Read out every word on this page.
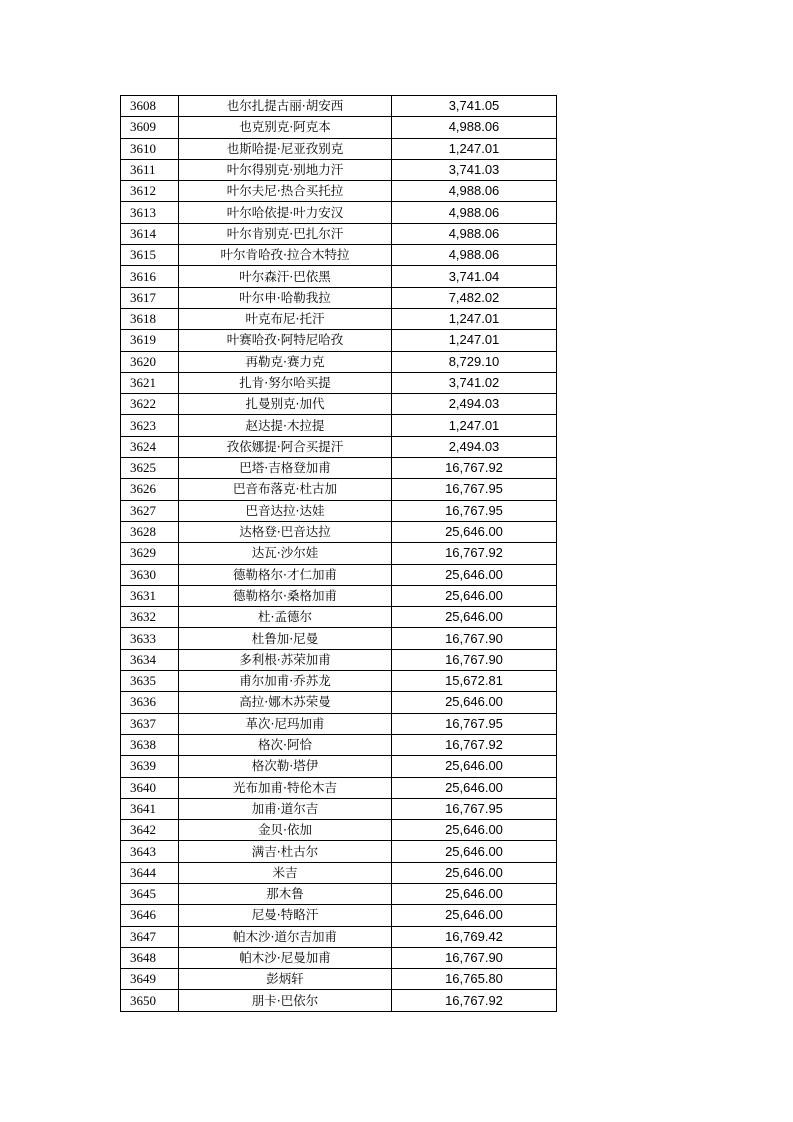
3608	也尔扎提古丽·胡安西	3,741.05
3609	也克别克·阿克本	4,988.06
3610	也斯哈提·尼亚孜别克	1,247.01
3611	叶尔得别克·别地力汗	3,741.03
3612	叶尔夫尼·热合买托拉	4,988.06
3613	叶尔哈依提·叶力安汉	4,988.06
3614	叶尔肯别克·巴扎尔汗	4,988.06
3615	叶尔肯哈孜·拉合木特拉	4,988.06
3616	叶尔森汗·巴依黑	3,741.04
3617	叶尔申·哈勒我拉	7,482.02
3618	叶克布尼·托汗	1,247.01
3619	叶赛哈孜·阿特尼哈孜	1,247.01
3620	再勒克·赛力克	8,729.10
3621	扎肯·努尔哈买提	3,741.02
3622	扎曼别克·加代	2,494.03
3623	赵达提·木拉提	1,247.01
3624	孜依娜提·阿合买提汗	2,494.03
3625	巴塔·吉格登加甫	16,767.92
3626	巴音布落克·杜古加	16,767.95
3627	巴音达拉·达娃	16,767.95
3628	达格登·巴音达拉	25,646.00
3629	达瓦·沙尔娃	16,767.92
3630	德勒格尔·才仁加甫	25,646.00
3631	德勒格尔·桑格加甫	25,646.00
3632	杜·孟德尔	25,646.00
3633	杜鲁加·尼曼	16,767.90
3634	多利根·苏荣加甫	16,767.90
3635	甫尔加甫·乔苏龙	15,672.81
3636	高拉·娜木苏荣曼	25,646.00
3637	革次·尼玛加甫	16,767.95
3638	格次·阿恰	16,767.92
3639	格次勒·塔伊	25,646.00
3640	光布加甫·特伦木吉	25,646.00
3641	加甫·道尔吉	16,767.95
3642	金贝·依加	25,646.00
3643	满吉·杜古尔	25,646.00
3644	米吉	25,646.00
3645	那木鲁	25,646.00
3646	尼曼·特略汗	25,646.00
3647	帕木沙·道尔吉加甫	16,769.42
3648	帕木沙·尼曼加甫	16,767.90
3649	彭炳轩	16,765.80
3650	朋卡·巴依尔	16,767.92
